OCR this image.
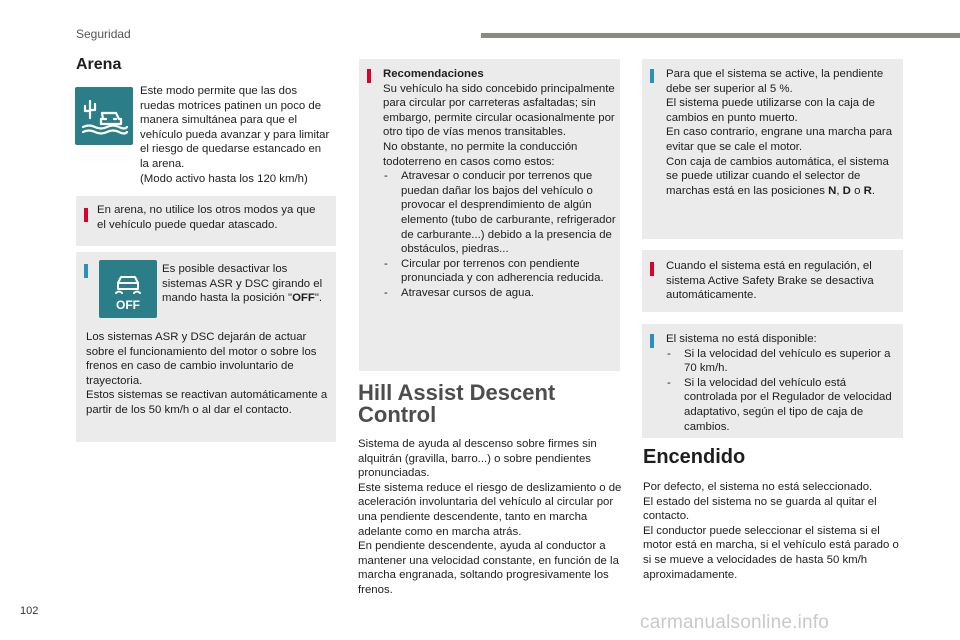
Seguridad
Arena

Este modo permite que las dos ruedas motrices patinen un poco de manera simultánea para que el vehículo pueda avanzar y para limitar el riesgo de quedarse estancado en la arena.

(Modo activo hasta los 120 km/h)

En arena, no utilice los otros modos ya que el vehículo puede quedar atascado.

OFF

Es posible desactivar los sistemas ASR y DSC girando el mando hasta la posición "OFF".

Los sistemas ASR y DSC dejarán de actuar sobre el funcionamiento del motor o sobre los frenos en caso de cambio involuntario de trayectoria.

Estos sistemas se reactivan automáticamente a partir de los 50 km/h o al dar el contacto.

Recomendaciones

Su vehículo ha sido concebido principalmente para circular por carreteras asfaltadas; sin embargo, permite circular ocasionalmente por otro tipo de vías menos transitables.

No obstante, no permite la conducción todoterreno en casos como estos:

- Atravesar o conducir por terrenos que puedan dañar los bajos del vehículo o provocar el desprendimiento de algún elemento (tubo de carburante, refrigerador de carburante...) debido a la presencia de obstáculos, piedras...
- Circular por terrenos con pendiente pronunciada y con adherencia reducida.
- Atravesar cursos de agua.
Hill Assist Descent Control

Sistema de ayuda al descenso sobre firmes sin alquitrán (gravilla, barro...) o sobre pendientes pronunciadas.

Este sistema reduce el riesgo de deslizamiento o de aceleración involuntaria del vehículo al circular por una pendiente descendente, tanto en marcha adelante como en marcha atrás.

En pendiente descendente, ayuda al conductor a mantener una velocidad constante, en función de la marcha engranada, soltando progresivamente los frenos.

Para que el sistema se active, la pendiente debe ser superior al 5 %.

El sistema puede utilizarse con la caja de cambios en punto muerto.

En caso contrario, engrane una marcha para evitar que se cale el motor.

Con caja de cambios automática, el sistema se puede utilizar cuando el selector de marchas está en las posiciones N, D o R.

Cuando el sistema está en regulación, el sistema Active Safety Brake se desactiva automáticamente.

El sistema no está disponible:

- Si la velocidad del vehículo es superior a 70 km/h.
- Si la velocidad del vehículo está controlada por el Regulador de velocidad adaptativo, según el tipo de caja de cambios.
Encendido

Por defecto, el sistema no está seleccionado.

El estado del sistema no se guarda al quitar el contacto.

El conductor puede seleccionar el sistema si el motor está en marcha, si el vehículo está parado o si se mueve a velocidades de hasta 50 km/h aproximadamente.

102
carmanualsonline.info
